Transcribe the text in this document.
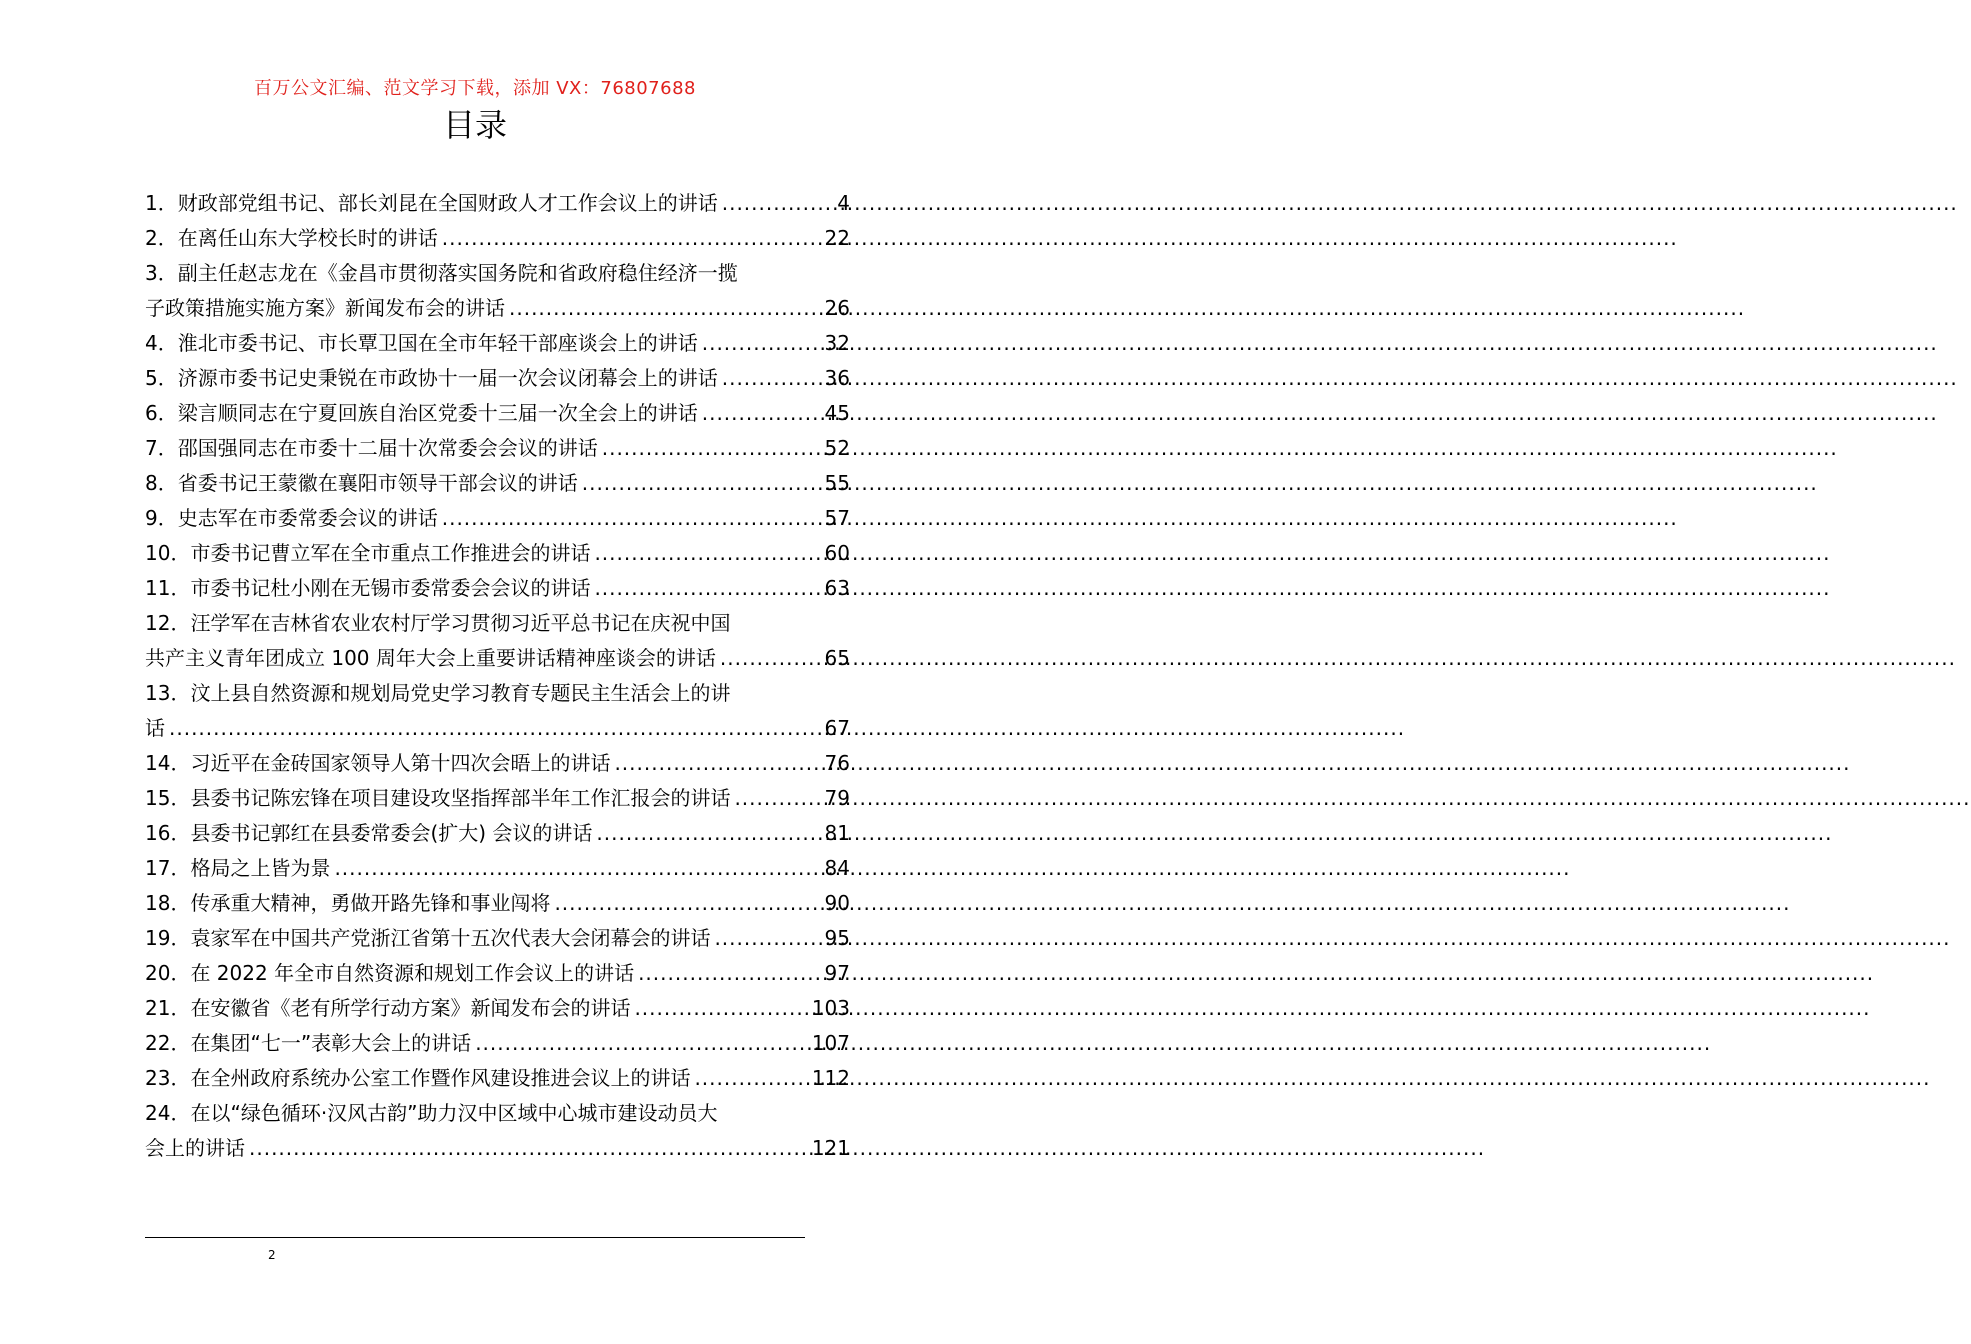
百万公文汇编、范文学习下载，添加 VX：76807688
目录
1．财政部党组书记、部长刘昆在全国财政人才工作会议上的讲话 .....	4
2．在离任山东大学校长时的讲话 .....	22
3．副主任赵志龙在《金昌市贯彻落实国务院和省政府稳住经济一揽
子政策措施实施方案》新闻发布会的讲话 .....	26
4．淮北市委书记、市长覃卫国在全市年轻干部座谈会上的讲话 .....	32
5．济源市委书记史秉锐在市政协十一届一次会议闭幕会上的讲话 .....	36
6．梁言顺同志在宁夏回族自治区党委十三届一次全会上的讲话 .....	45
7．邵国强同志在市委十二届十次常委会会议的讲话 .....	52
8．省委书记王蒙徽在襄阳市领导干部会议的讲话 .....	55
9．史志军在市委常委会议的讲话 .....	57
10．市委书记曹立军在全市重点工作推进会的讲话 .....	60
11．市委书记杜小刚在无锡市委常委会会议的讲话 .....	63
12．汪学军在吉林省农业农村厅学习贯彻习近平总书记在庆祝中国
共产主义青年团成立 100 周年大会上重要讲话精神座谈会的讲话 .....	65
13．汶上县自然资源和规划局党史学习教育专题民主生活会上的讲
话 .....	67
14．习近平在金砖国家领导人第十四次会晤上的讲话 .....	76
15．县委书记陈宏锋在项目建设攻坚指挥部半年工作汇报会的讲话 .....	79
16．县委书记郭红在县委常委会(扩大) 会议的讲话 .....	81
17．格局之上皆为景 .....	84
18．传承重大精神，勇做开路先锋和事业闯将 .....	90
19．袁家军在中国共产党浙江省第十五次代表大会闭幕会的讲话 .....	95
20．在 2022 年全市自然资源和规划工作会议上的讲话 .....	97
21．在安徽省《老有所学行动方案》新闻发布会的讲话 .....	103
22．在集团“七一”表彰大会上的讲话 .....	107
23．在全州政府系统办公室工作暨作风建设推进会议上的讲话 .....	112
24．在以“绿色循环·汉风古韵”助力汉中区域中心城市建设动员大
会上的讲话 .....	121
2
